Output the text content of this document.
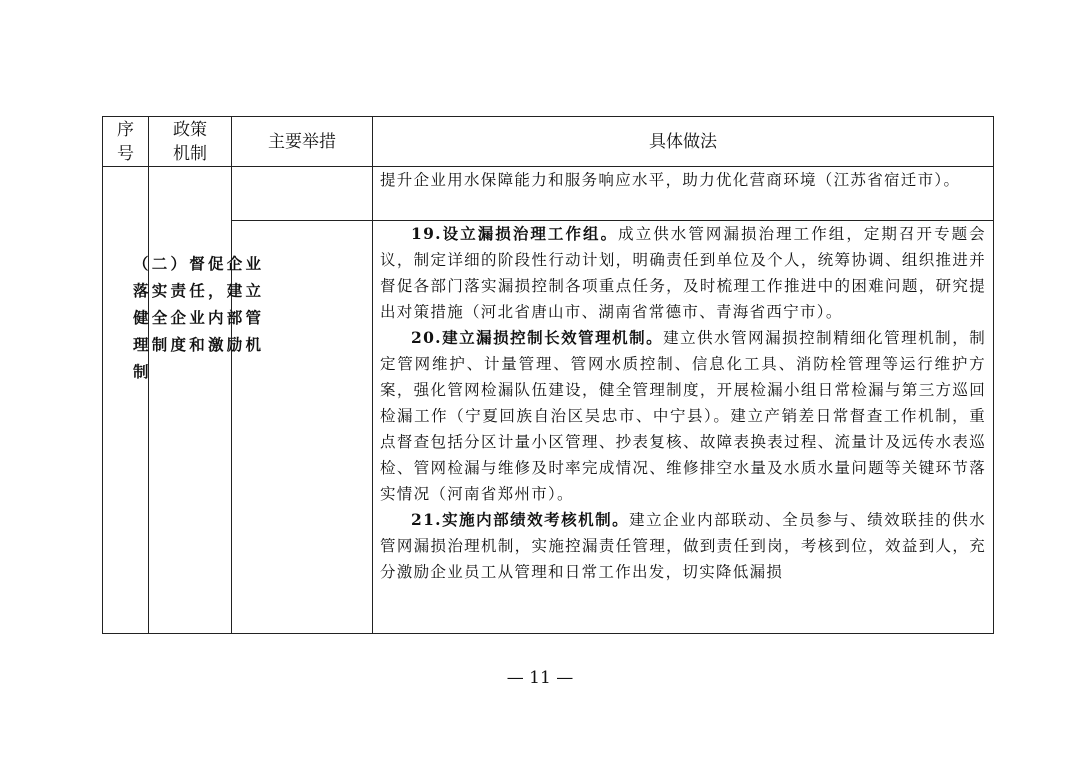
序
号
政策
机制
主要举措	具体做法

提升企业用水保障能力和服务响应水平，助力优化营商环境（江苏省宿迁市）。

（二）督促企业落实责任，建立健全企业内部管理制度和激励机制

19.设立漏损治理工作组。成立供水管网漏损治理工作组，定期召开专题会议，制定详细的阶段性行动计划，明确责任到单位及个人，统筹协调、组织推进并督促各部门落实漏损控制各项重点任务，及时梳理工作推进中的困难问题，研究提出对策措施（河北省唐山市、湖南省常德市、青海省西宁市）。

20.建立漏损控制长效管理机制。建立供水管网漏损控制精细化管理机制，制定管网维护、计量管理、管网水质控制、信息化工具、消防栓管理等运行维护方案，强化管网检漏队伍建设，健全管理制度，开展检漏小组日常检漏与第三方巡回检漏工作（宁夏回族自治区吴忠市、中宁县）。建立产销差日常督查工作机制，重点督查包括分区计量小区管理、抄表复核、故障表换表过程、流量计及远传水表巡检、管网检漏与维修及时率完成情况、维修排空水量及水质水量问题等关键环节落实情况（河南省郑州市）。

21.实施内部绩效考核机制。建立企业内部联动、全员参与、绩效联挂的供水管网漏损治理机制，实施控漏责任管理，做到责任到岗，考核到位，效益到人，充分激励企业员工从管理和日常工作出发，切实降低漏损

— 11 —
